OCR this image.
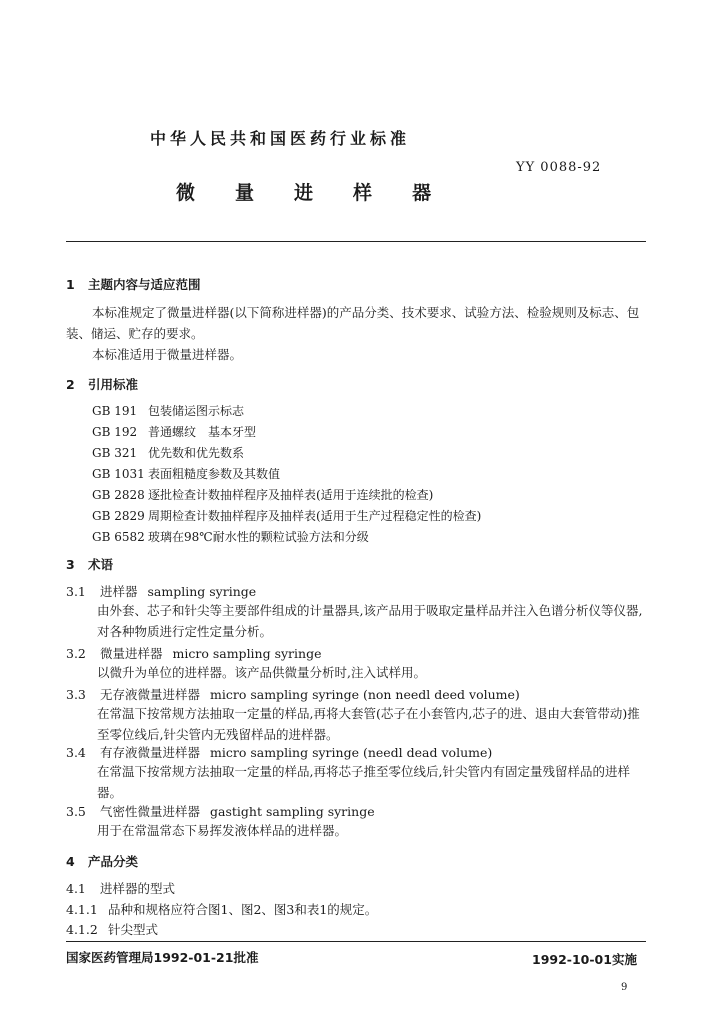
中华人民共和国医药行业标准
YY 0088-92
微 量 进 样 器
1 主题内容与适应范围
本标准规定了微量进样器(以下简称进样器)的产品分类、技术要求、试验方法、检验规则及标志、包装、储运、贮存的要求。
本标准适用于微量进样器。
2 引用标准
GB 191 包装储运图示标志
GB 192 普通螺纹　基本牙型
GB 321 优先数和优先数系
GB 1031 表面粗糙度参数及其数值
GB 2828 逐批检查计数抽样程序及抽样表(适用于连续批的检查)
GB 2829 周期检查计数抽样程序及抽样表(适用于生产过程稳定性的检查)
GB 6582 玻璃在98℃耐水性的颗粒试验方法和分级
3 术语
3.1 进样器 sampling syringe
由外套、芯子和针尖等主要部件组成的计量器具,该产品用于吸取定量样品并注入色谱分析仪等仪器,对各种物质进行定性定量分析。
3.2 微量进样器 micro sampling syringe
以微升为单位的进样器。该产品供微量分析时,注入试样用。
3.3 无存液微量进样器 micro sampling syringe (non needl deed volume)
在常温下按常规方法抽取一定量的样品,再将大套管(芯子在小套管内,芯子的进、退由大套管带动)推至零位线后,针尖管内无残留样品的进样器。
3.4 有存液微量进样器 micro sampling syringe (needl dead volume)
在常温下按常规方法抽取一定量的样品,再将芯子推至零位线后,针尖管内有固定量残留样品的进样器。
3.5 气密性微量进样器 gastight sampling syringe
用于在常温常态下易挥发液体样品的进样器。
4 产品分类
4.1 进样器的型式
4.1.1 品种和规格应符合图1、图2、图3和表1的规定。
4.1.2 针尖型式
国家医药管理局1992-01-21批准	1992-10-01实施
9
